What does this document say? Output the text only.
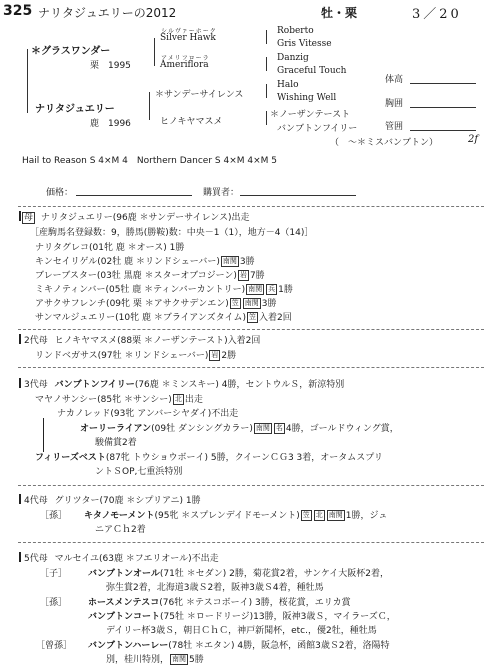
325 ナリタジュエリーの2012	牡・栗	3／20
＊グラスワンダー
栗　1995
シルヴァーホーク
Silver Hawk
アメリフローラ
Ameriflora
Roberto
Gris Vitesse
Danzig
Graceful Touch
ナリタジュエリー
鹿　1996
＊サンデーサイレンス
ヒノキヤマスメ
Halo
Wishing Well
＊ノーザンテースト
バンブトンフイリー
（　～＊ミスバンブトン）	2f
Hail to Reason S 4×M 4　Northern Dancer S 4×M 4×M 5
体高
胸囲
管囲
価格：	購買者：
母 ナリタジュエリー(96鹿 ＊サンデーサイレンス)出走
［産駒馬名登録数：9，勝馬(勝鞍)数：中央－1（1），地方－4（14)］
ナリタグレコ(01牝 鹿 ＊オース) 1勝
キンセイリゲル(02牡 鹿 ＊リンドシェーバー) 南関 3勝
ブレーブスター(03牡 黒鹿 ＊スターオブコジーン) 岩 7勝
ミキノティンバー(05牡 鹿 ＊ティンバーカントリー) 南関 兵 1勝
アサクサフレンチ(09牝 栗 ＊アサクサデンエン) 笠 南関 3勝
サンマルジュエリー(10牝 鹿 ＊ブライアンズタイム) 笠 入着2回
2代母 ヒノキヤマスメ(88栗 ＊ノーザンテースト)入着2回
リンドベガサス(97牡 ＊リンドシェーバー) 岩 2勝
3代母 バンブトンフイリー(76鹿 ＊ミンスキー) 4勝，セントウルＳ，新涼特別
マヤノサンシー(85牝 ＊サンシー) 北 出走
ナカノレッド(93牝 アンバーシヤダイ)不出走
オーリーライアン(09牡 ダンシングカラー) 南関 名 4勝，ゴールドウィング賞，
駿備賞2着
フィリーズベスト(87牝 トウショウボーイ) 5勝，クイーンＣＧ3 3着，オータムスプリ
ントＳOP,七重浜特別
4代母 グリツター(70鹿 ＊シプリアニ) 1勝
［孫］ キタノモーメント(95牝 ＊スプレンデイドモーメント) 笠 北 南関 1勝，ジュ
ニアＣｈ2着
5代母 マルセイユ(63鹿 ＊フエリオール)不出走
［子］ バンブトンオール(71牡 ＊セダン) 2勝，菊花賞2着，サンケイ大阪杯2着，
弥生賞2着，北海道3歳Ｓ2着，阪神3歳Ｓ4着，種牡馬
［孫］ ホースメンテスコ(76牝 ＊テスコボーイ) 3勝，桜花賞，エリカ賞
バンブトンコート(75牡 ＊ロードリージ)13勝，阪神3歳Ｓ，マイラーズＣ，
デイリー杯3歳Ｓ，朝日ＣｈＣ，神戸新聞杯，etc.，優2牡，種牡馬
［曾孫］ バンブトンハーレー(78牡 ＊エタン) 4勝，阪急杯，函館3歳Ｓ2着，洛陽特
別，桂川特別， 南関 5勝
